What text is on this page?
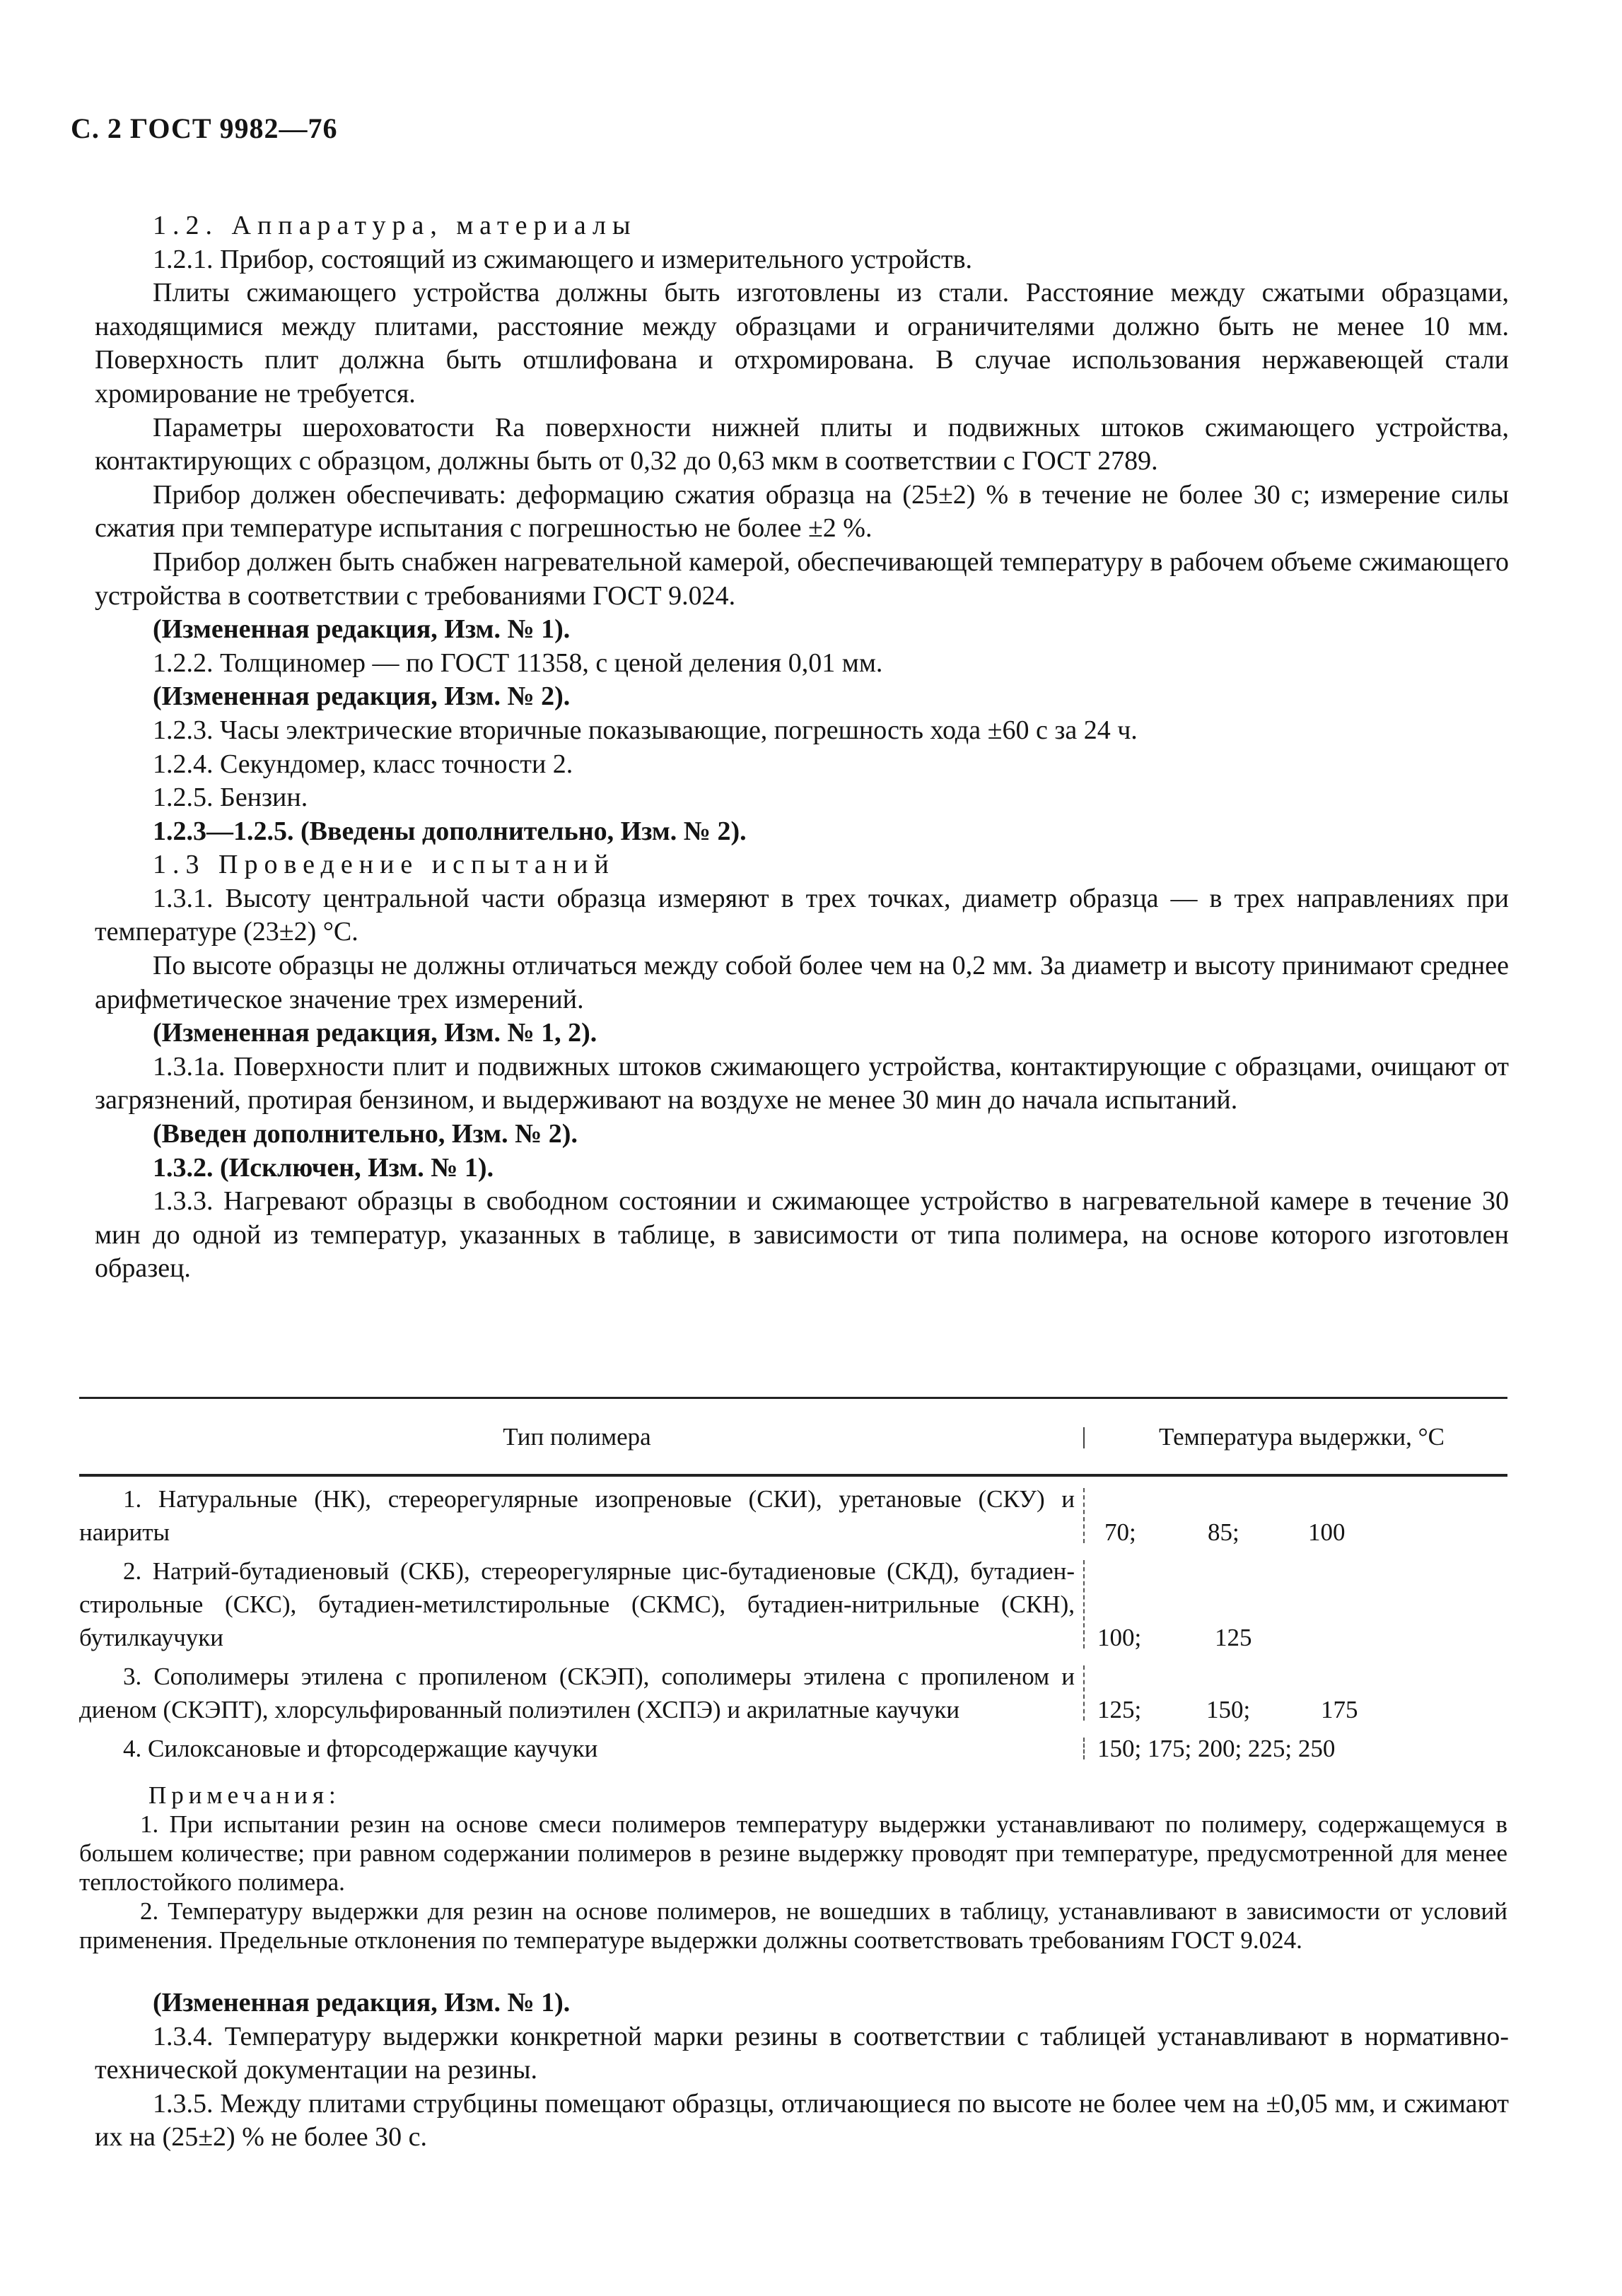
С. 2 ГОСТ 9982—76

1.2. Аппаратура, материалы

1.2.1. Прибор, состоящий из сжимающего и измерительного устройств.

Плиты сжимающего устройства должны быть изготовлены из стали. Расстояние между сжатыми образцами, находящимися между плитами, расстояние между образцами и ограничителями должно быть не менее 10 мм. Поверхность плит должна быть отшлифована и отхромирована. В случае использования нержавеющей стали хромирование не требуется.

Параметры шероховатости Ra поверхности нижней плиты и подвижных штоков сжимающего устройства, контактирующих с образцом, должны быть от 0,32 до 0,63 мкм в соответствии с ГОСТ 2789.

Прибор должен обеспечивать: деформацию сжатия образца на (25±2) % в течение не более 30 с; измерение силы сжатия при температуре испытания с погрешностью не более ±2 %.

Прибор должен быть снабжен нагревательной камерой, обеспечивающей температуру в рабочем объеме сжимающего устройства в соответствии с требованиями ГОСТ 9.024.

(Измененная редакция, Изм. № 1).

1.2.2. Толщиномер — по ГОСТ 11358, с ценой деления 0,01 мм.

(Измененная редакция, Изм. № 2).

1.2.3. Часы электрические вторичные показывающие, погрешность хода ±60 с за 24 ч.

1.2.4. Секундомер, класс точности 2.

1.2.5. Бензин.

1.2.3—1.2.5. (Введены дополнительно, Изм. № 2).

1.3 Проведение испытаний

1.3.1. Высоту центральной части образца измеряют в трех точках, диаметр образца — в трех направлениях при температуре (23±2) °С.

По высоте образцы не должны отличаться между собой более чем на 0,2 мм. За диаметр и высоту принимают среднее арифметическое значение трех измерений.

(Измененная редакция, Изм. № 1, 2).

1.3.1а. Поверхности плит и подвижных штоков сжимающего устройства, контактирующие с образцами, очищают от загрязнений, протирая бензином, и выдерживают на воздухе не менее 30 мин до начала испытаний.

(Введен дополнительно, Изм. № 2).

1.3.2. (Исключен, Изм. № 1).

1.3.3. Нагревают образцы в свободном состоянии и сжимающее устройство в нагревательной камере в течение 30 мин до одной из температур, указанных в таблице, в зависимости от типа полимера, на основе которого изготовлен образец.

Тип полимера	Температура выдержки, °С
1. Натуральные (НК), стереорегулярные изопреновые (СКИ), уретановые (СКУ) и наириты	70;	85;	100
2. Натрий-бутадиеновый (СКБ), стереорегулярные цис-бутадиеновые (СКД), бутадиен-стирольные (СКС), бутадиен-метилстирольные (СКМС), бутадиен-нитрильные (СКН), бутилкаучуки	100;	125
3. Сополимеры этилена с пропиленом (СКЭП), сополимеры этилена с пропиленом и диеном (СКЭПТ), хлорсульфированный полиэтилен (ХСПЭ) и акрилатные каучуки	125;	150;	175
4. Силоксановые и фторсодержащие каучуки	150; 175; 200; 225; 250

Примечания:

1. При испытании резин на основе смеси полимеров температуру выдержки устанавливают по полимеру, содержащемуся в большем количестве; при равном содержании полимеров в резине выдержку проводят при температуре, предусмотренной для менее теплостойкого полимера.

2. Температуру выдержки для резин на основе полимеров, не вошедших в таблицу, устанавливают в зависимости от условий применения. Предельные отклонения по температуре выдержки должны соответствовать требованиям ГОСТ 9.024.

(Измененная редакция, Изм. № 1).

1.3.4. Температуру выдержки конкретной марки резины в соответствии с таблицей устанавливают в нормативно-технической документации на резины.

1.3.5. Между плитами струбцины помещают образцы, отличающиеся по высоте не более чем на ±0,05 мм, и сжимают их на (25±2) % не более 30 с.
